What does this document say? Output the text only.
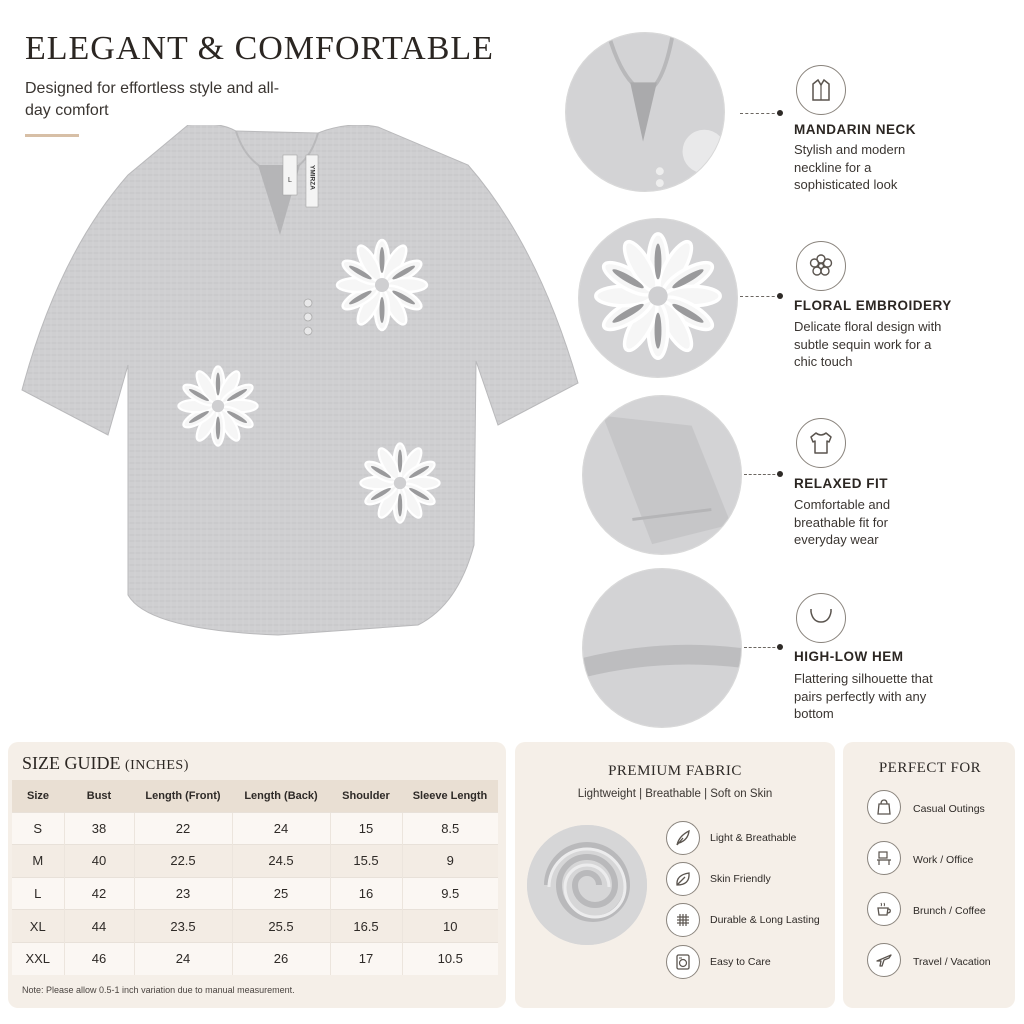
ELEGANT & COMFORTABLE
Designed for effortless style and all-day comfort
L	YMIRZA
MANDARIN NECK
Stylish and modern neckline for a sophisticated look
FLORAL EMBROIDERY
Delicate floral design with subtle sequin work for a chic touch
RELAXED FIT
Comfortable and breathable fit for everyday wear
HIGH-LOW HEM
Flattering silhouette that pairs perfectly with any bottom
SIZE GUIDE (INCHES)
Size	Bust	Length (Front)	Length (Back)	Shoulder	Sleeve Length
S	38	22	24	15	8.5
M	40	22.5	24.5	15.5	9
L	42	23	25	16	9.5
XL	44	23.5	25.5	16.5	10
XXL	46	24	26	17	10.5
Note: Please allow 0.5-1 inch variation due to manual measurement.
PREMIUM FABRIC
Lightweight | Breathable | Soft on Skin
Light & Breathable
Skin Friendly
Durable & Long Lasting
Easy to Care
PERFECT FOR
Casual Outings
Work / Office
Brunch / Coffee
Travel / Vacation
